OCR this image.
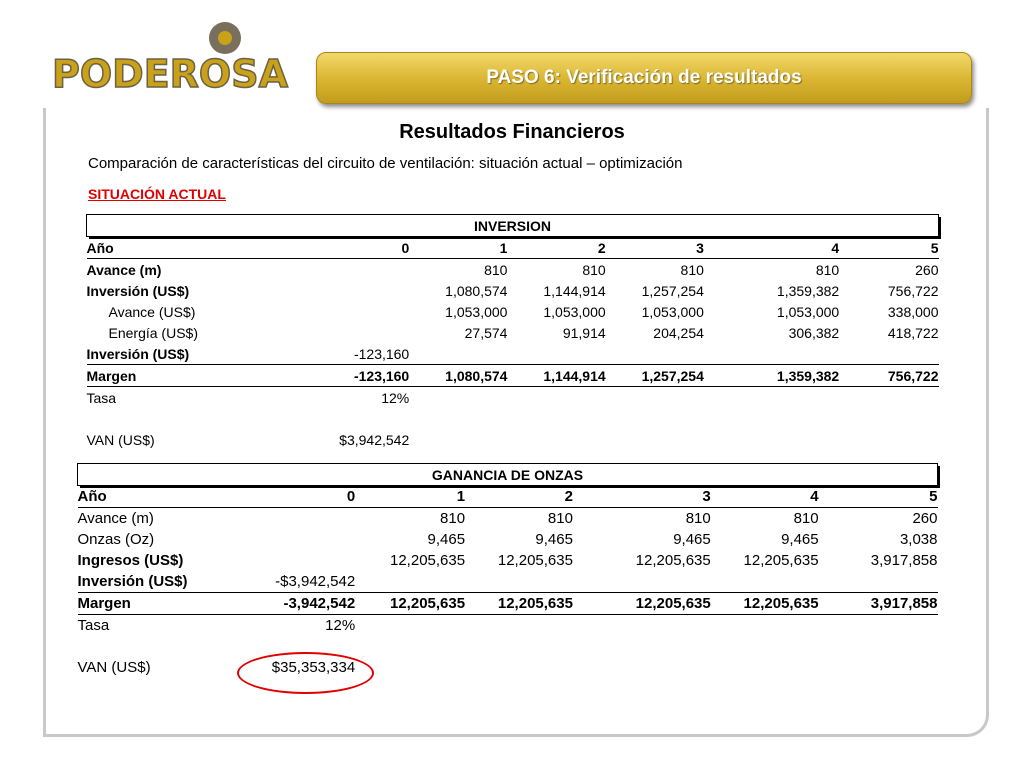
PODEROSA	PASO 6: Verificación de resultados
Resultados Financieros
Comparación de características del circuito de ventilación: situación actual – optimización
SITUACIÓN ACTUAL
INVERSION						
Año	0	1	2	3	4	5
Avance (m)		810	810	810	810	260
Inversión (US$)		1,080,574	1,144,914	1,257,254	1,359,382	756,722
Avance (US$)		1,053,000	1,053,000	1,053,000	1,053,000	338,000
Energía (US$)		27,574	91,914	204,254	306,382	418,722
Inversión (US$)	-123,160					
Margen	-123,160	1,080,574	1,144,914	1,257,254	1,359,382	756,722
Tasa	12%					

VAN (US$)	$3,942,542					
GANANCIA DE ONZAS						
Año	0	1	2	3	4	5
Avance (m)		810	810	810	810	260
Onzas (Oz)		9,465	9,465	9,465	9,465	3,038
Ingresos (US$)		12,205,635	12,205,635	12,205,635	12,205,635	3,917,858
Inversión (US$)	-$3,942,542					
Margen	-3,942,542	12,205,635	12,205,635	12,205,635	12,205,635	3,917,858
Tasa	12%					

VAN (US$)	$35,353,334					
